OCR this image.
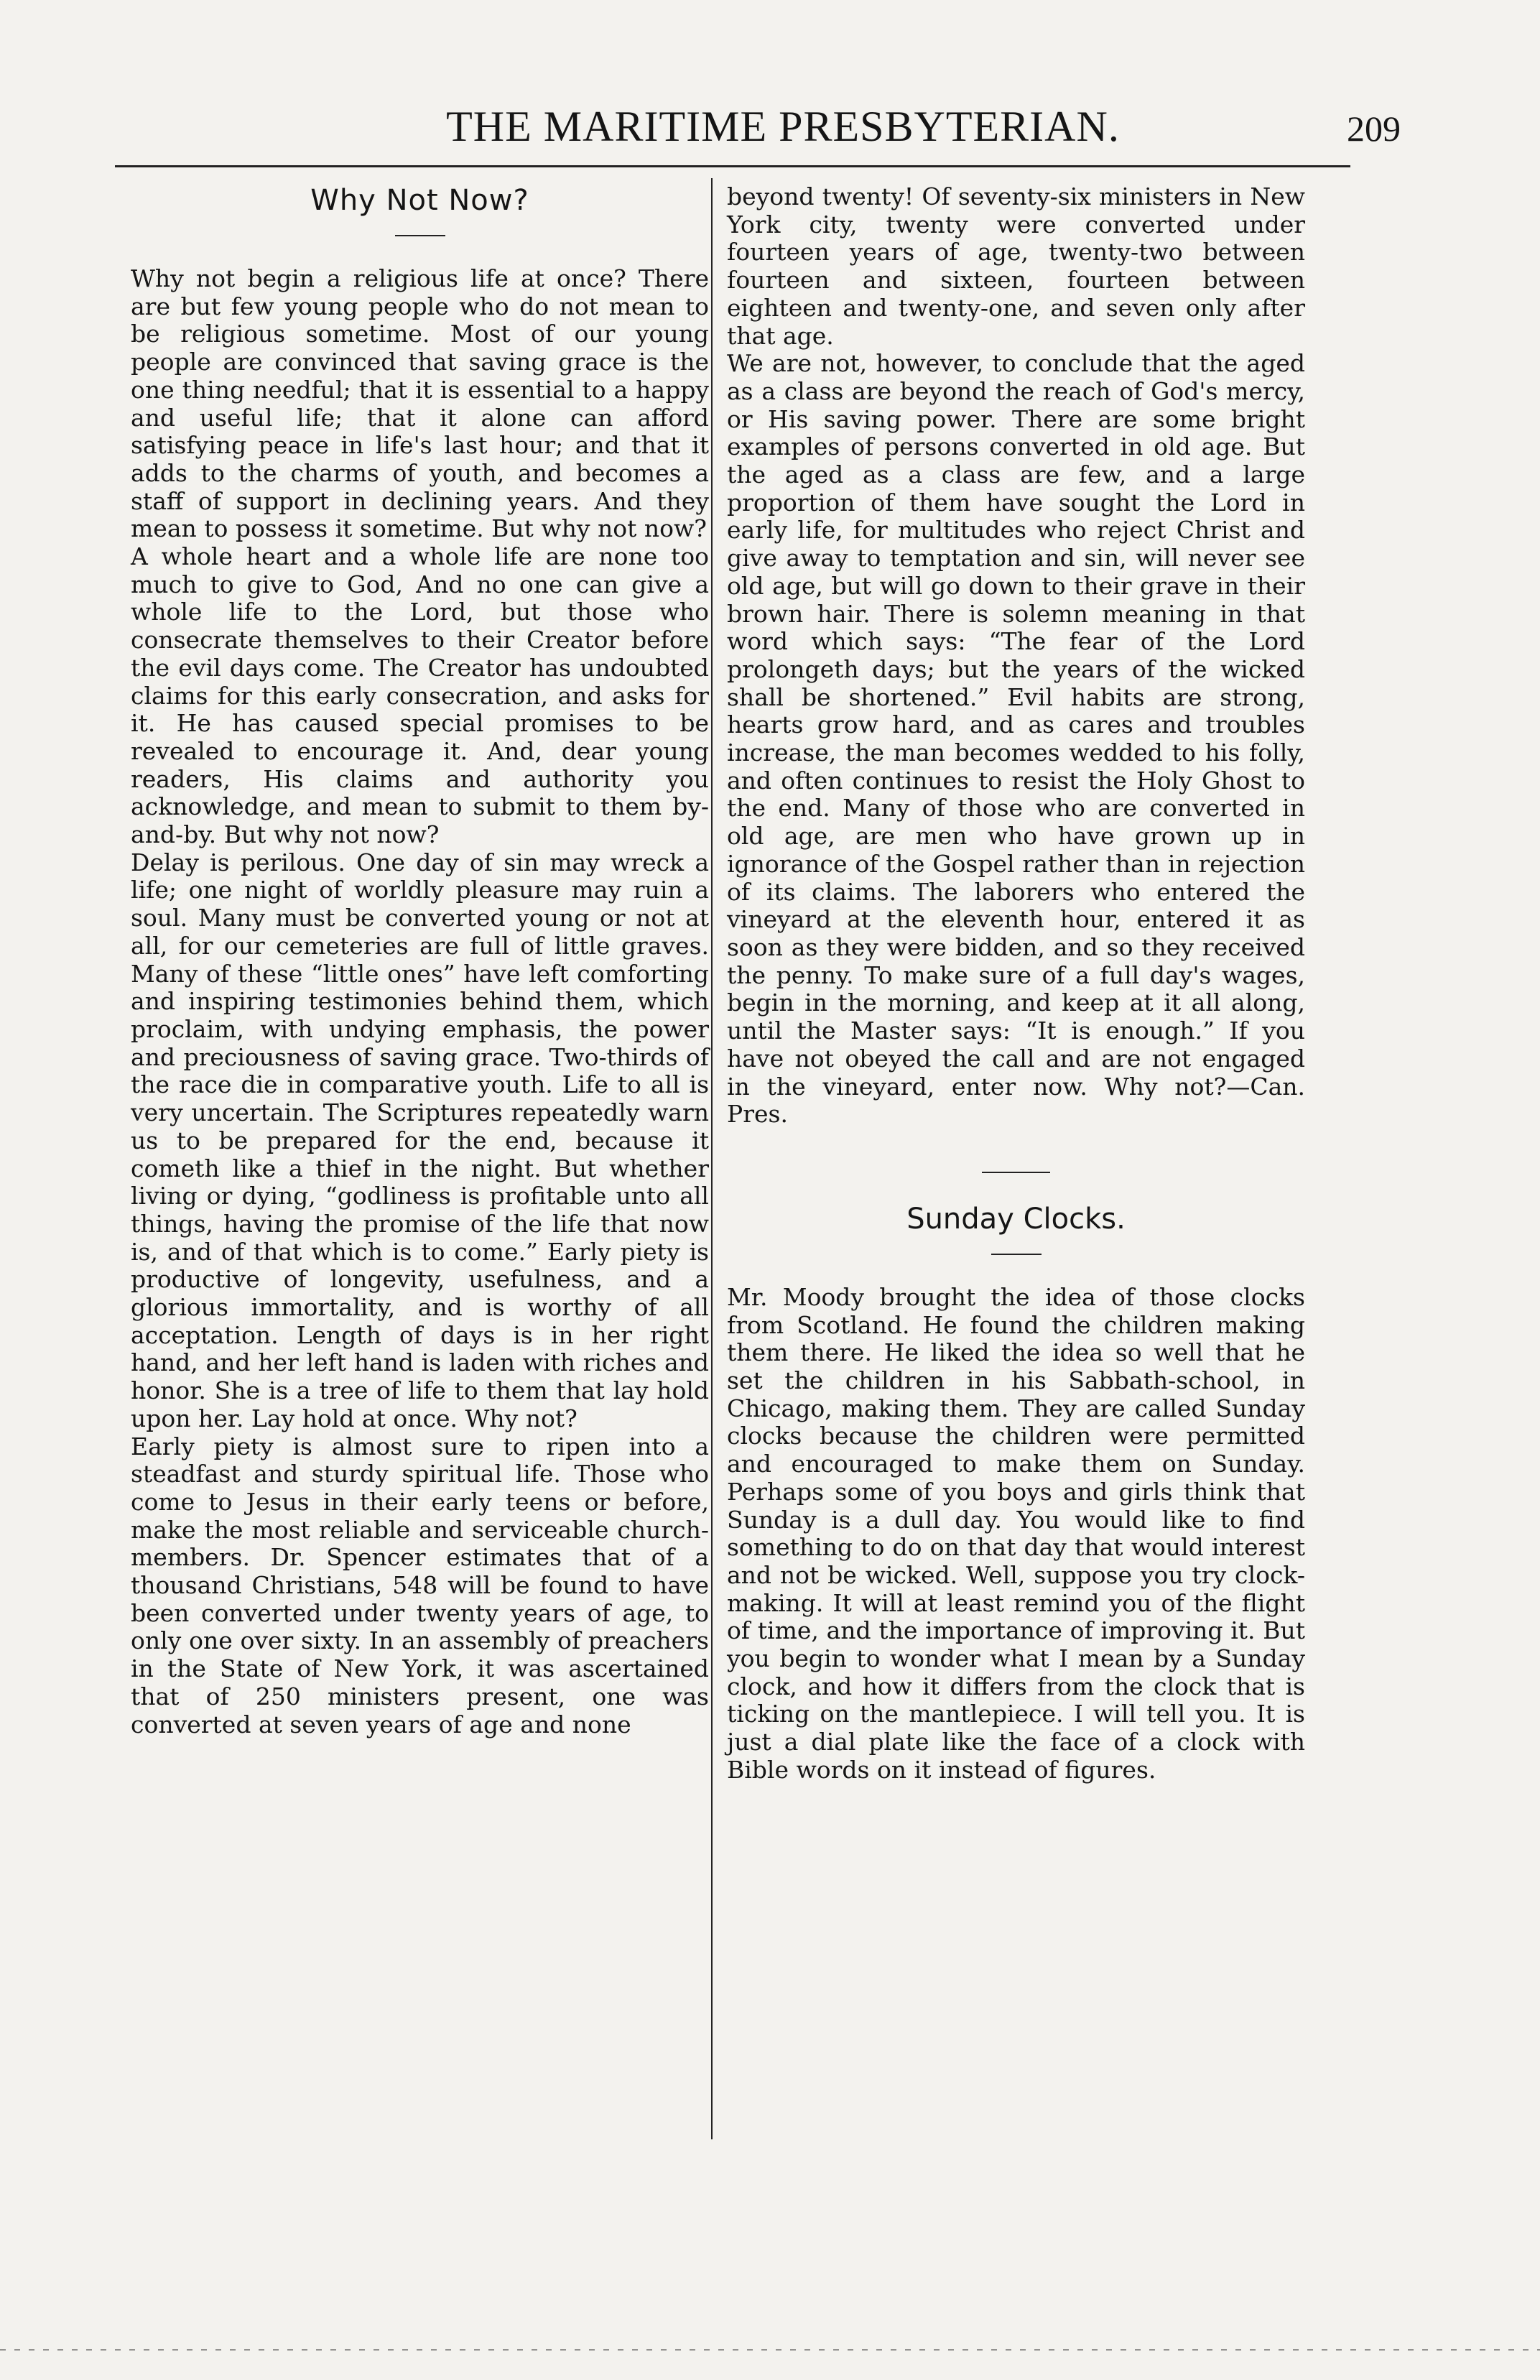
THE MARITIME PRESBYTERIAN.	209
Why Not Now?

Why not begin a religious life at once? There are but few young people who do not mean to be religious sometime. Most of our young people are convinced that saving grace is the one thing needful; that it is essential to a happy and useful life; that it alone can afford satisfying peace in life's last hour; and that it adds to the charms of youth, and becomes a staff of support in declining years. And they mean to possess it sometime. But why not now?

A whole heart and a whole life are none too much to give to God, And no one can give a whole life to the Lord, but those who consecrate themselves to their Creator before the evil days come. The Creator has undoubted claims for this early consecration, and asks for it. He has caused special promises to be revealed to encourage it. And, dear young readers, His claims and authority you acknowledge, and mean to submit to them by-and-by. But why not now?

Delay is perilous. One day of sin may wreck a life; one night of worldly pleasure may ruin a soul. Many must be converted young or not at all, for our cemeteries are full of little graves. Many of these “little ones” have left comforting and inspiring testimonies behind them, which proclaim, with undying emphasis, the power and preciousness of saving grace. Two-thirds of the race die in comparative youth. Life to all is very uncertain. The Scriptures repeatedly warn us to be prepared for the end, because it cometh like a thief in the night. But whether living or dying, “godliness is profitable unto all things, having the promise of the life that now is, and of that which is to come.” Early piety is productive of longevity, usefulness, and a glorious immortality, and is worthy of all acceptation. Length of days is in her right hand, and her left hand is laden with riches and honor. She is a tree of life to them that lay hold upon her. Lay hold at once. Why not?

Early piety is almost sure to ripen into a steadfast and sturdy spiritual life. Those who come to Jesus in their early teens or before, make the most reliable and serviceable church-members. Dr. Spencer estimates that of a thousand Christians, 548 will be found to have been converted under twenty years of age, to only one over sixty. In an assembly of preachers in the State of New York, it was ascertained that of 250 ministers present, one was converted at seven years of age and none

beyond twenty! Of seventy-six ministers in New York city, twenty were converted under fourteen years of age, twenty-two between fourteen and sixteen, fourteen between eighteen and twenty-one, and seven only after that age.

We are not, however, to conclude that the aged as a class are beyond the reach of God's mercy, or His saving power. There are some bright examples of persons converted in old age. But the aged as a class are few, and a large proportion of them have sought the Lord in early life, for multitudes who reject Christ and give away to temptation and sin, will never see old age, but will go down to their grave in their brown hair. There is solemn meaning in that word which says: “The fear of the Lord prolongeth days; but the years of the wicked shall be shortened.” Evil habits are strong, hearts grow hard, and as cares and troubles increase, the man becomes wedded to his folly, and often continues to resist the Holy Ghost to the end. Many of those who are converted in old age, are men who have grown up in ignorance of the Gospel rather than in rejection of its claims. The laborers who entered the vineyard at the eleventh hour, entered it as soon as they were bidden, and so they received the penny. To make sure of a full day's wages, begin in the morning, and keep at it all along, until the Master says: “It is enough.” If you have not obeyed the call and are not engaged in the vineyard, enter now. Why not?—Can. Pres.

Sunday Clocks.

Mr. Moody brought the idea of those clocks from Scotland. He found the children making them there. He liked the idea so well that he set the children in his Sabbath-school, in Chicago, making them. They are called Sunday clocks because the children were permitted and encouraged to make them on Sunday. Perhaps some of you boys and girls think that Sunday is a dull day. You would like to find something to do on that day that would interest and not be wicked. Well, suppose you try clock-making. It will at least remind you of the flight of time, and the importance of improving it. But you begin to wonder what I mean by a Sunday clock, and how it differs from the clock that is ticking on the mantlepiece. I will tell you. It is just a dial plate like the face of a clock with Bible words on it instead of figures.
